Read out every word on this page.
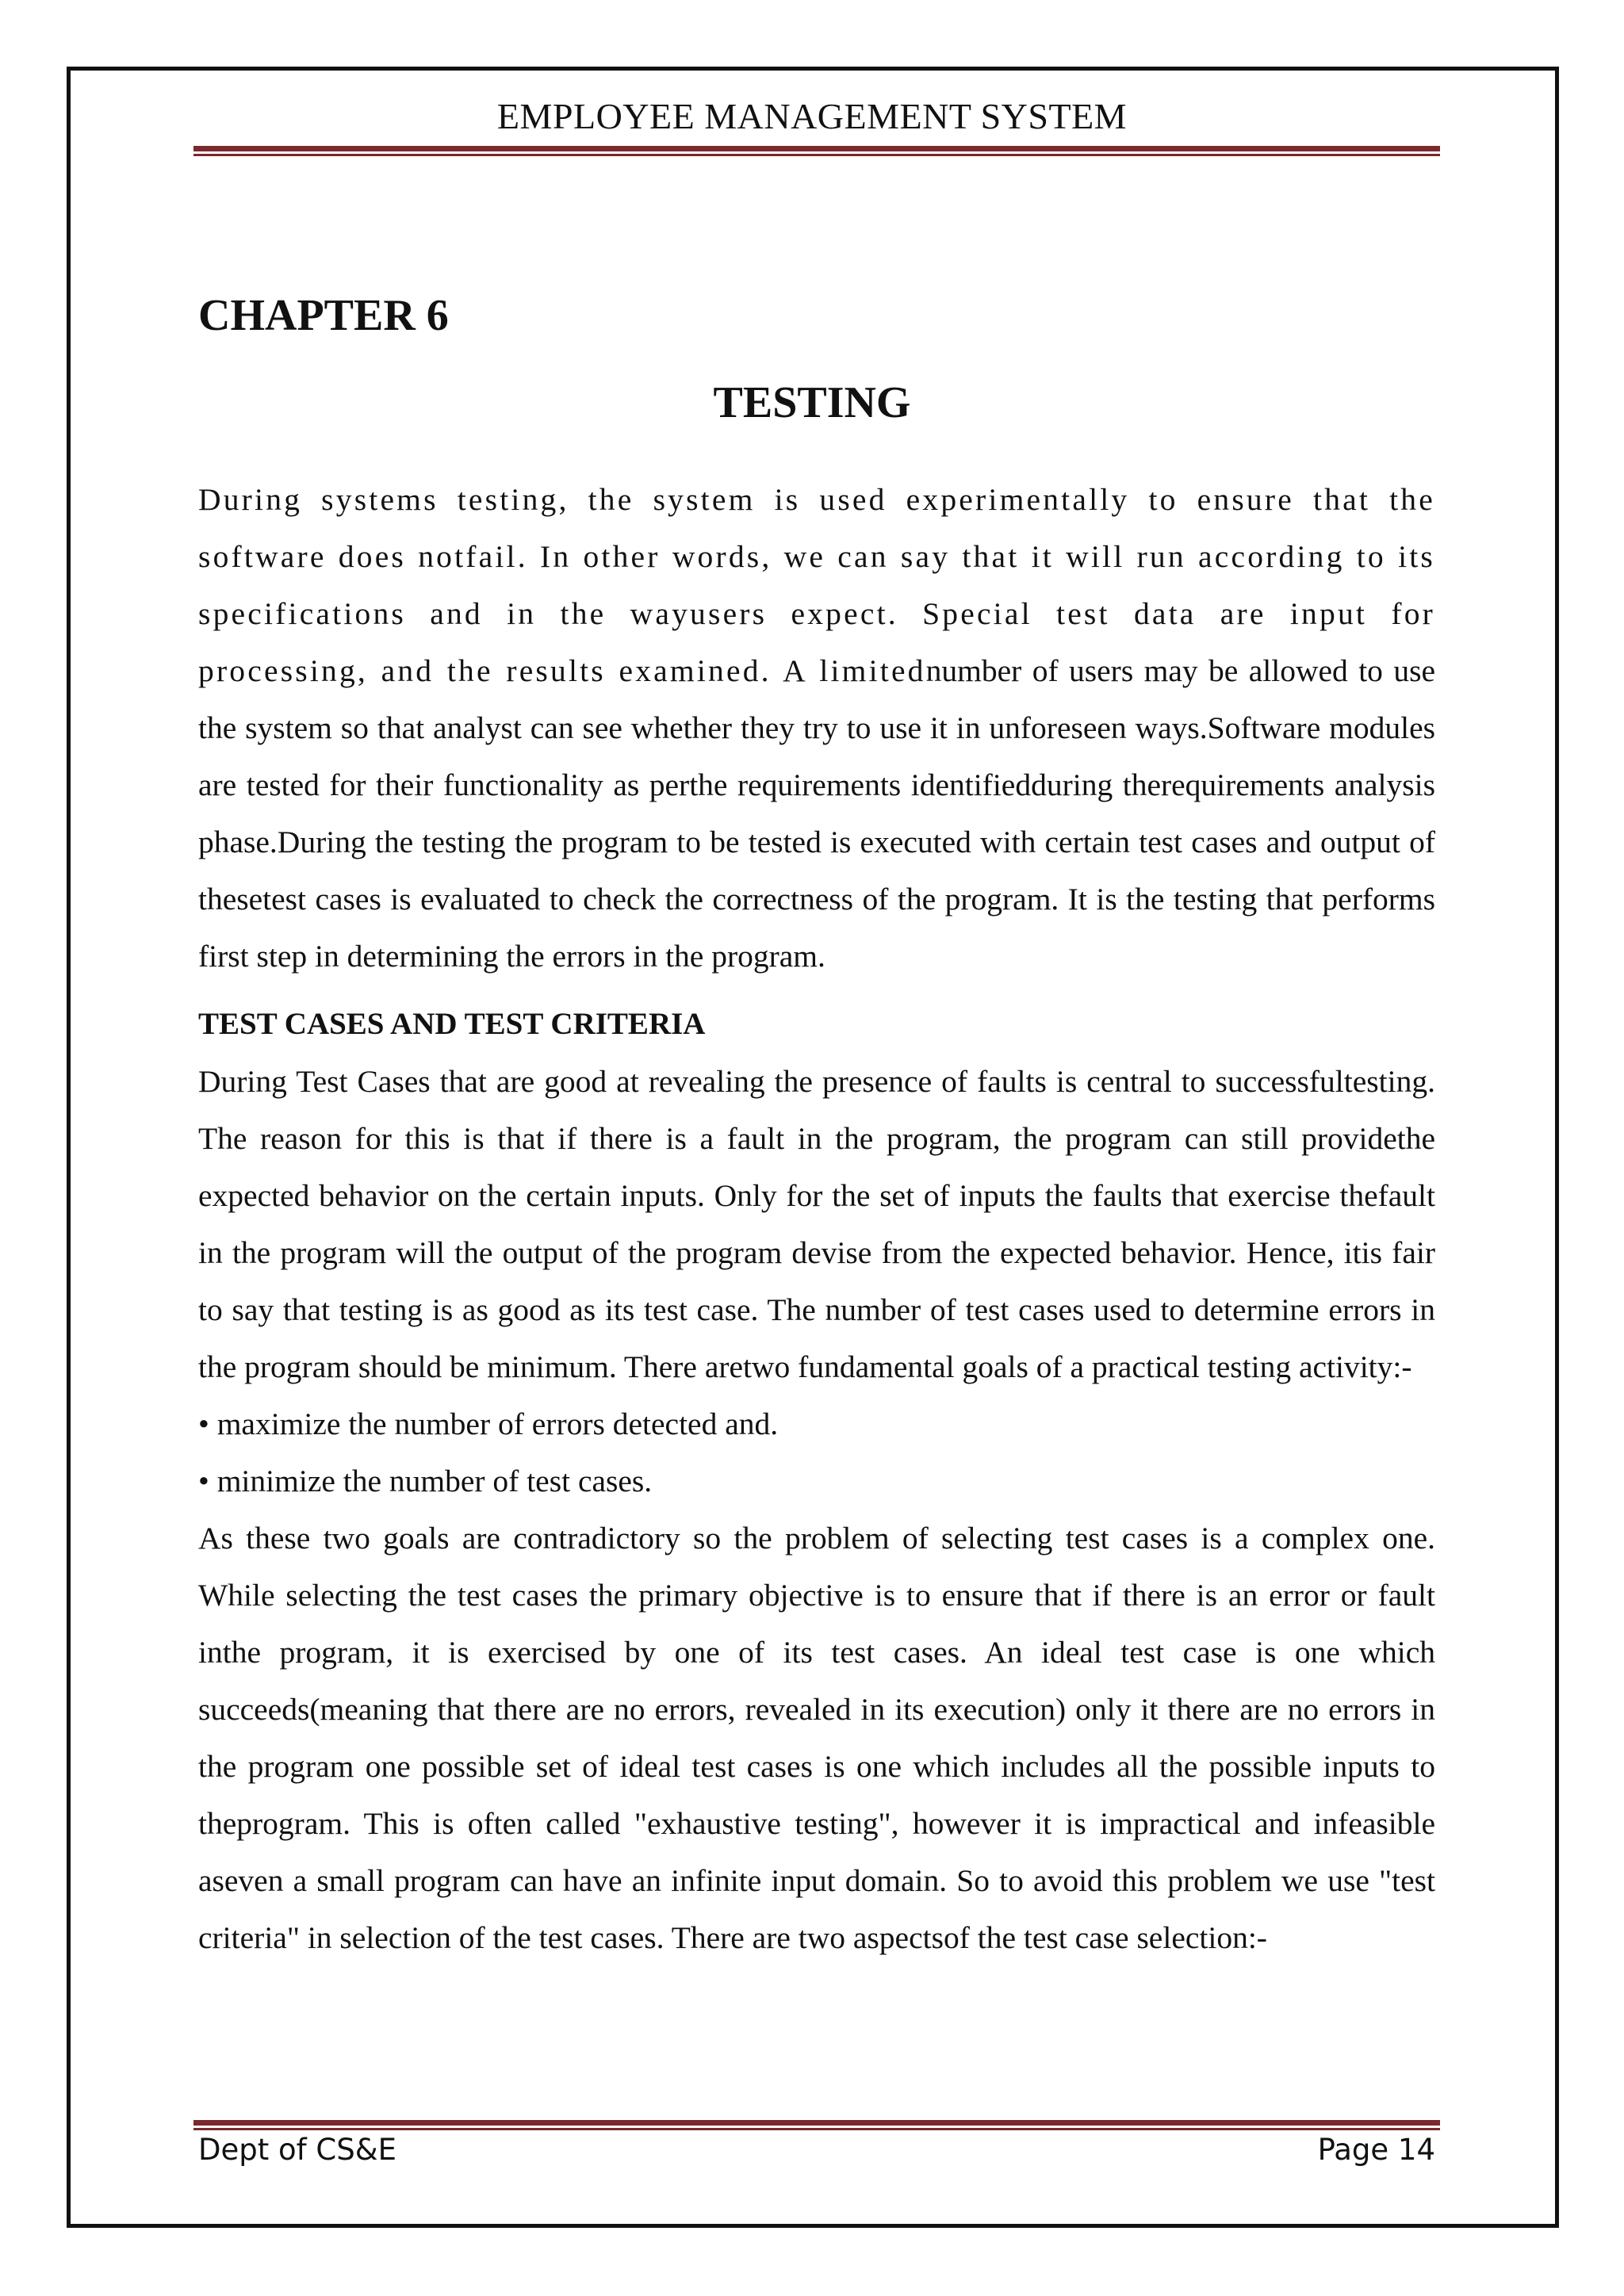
EMPLOYEE MANAGEMENT SYSTEM
CHAPTER 6
TESTING

During systems testing, the system is used experimentally to ensure that the software does notfail. In other words, we can say that it will run according to its specifications and in the wayusers expect. Special test data are input for processing, and the results examined. A limitednumber of users may be allowed to use the system so that analyst can see whether they try to use it in unforeseen ways.Software modules are tested for their functionality as perthe requirements identifiedduring therequirements analysis phase.During the testing the program to be tested is executed with certain test cases and output of thesetest cases is evaluated to check the correctness of the program. It is the testing that performs first step in determining the errors in the program.

TEST CASES AND TEST CRITERIA

During Test Cases that are good at revealing the presence of faults is central to successfultesting. The reason for this is that if there is a fault in the program, the program can still providethe expected behavior on the certain inputs. Only for the set of inputs the faults that exercise thefault in the program will the output of the program devise from the expected behavior. Hence, itis fair to say that testing is as good as its test case. The number of test cases used to determine errors in the program should be minimum. There aretwo fundamental goals of a practical testing activity:-

• maximize the number of errors detected and.

• minimize the number of test cases.

As these two goals are contradictory so the problem of selecting test cases is a complex one. While selecting the test cases the primary objective is to ensure that if there is an error or fault inthe program, it is exercised by one of its test cases. An ideal test case is one which succeeds(meaning that there are no errors, revealed in its execution) only it there are no errors in the program one possible set of ideal test cases is one which includes all the possible inputs to theprogram. This is often called "exhaustive testing", however it is impractical and infeasible aseven a small program can have an infinite input domain. So to avoid this problem we use "test criteria" in selection of the test cases. There are two aspectsof the test case selection:-

Dept of CS&E	Page 14
